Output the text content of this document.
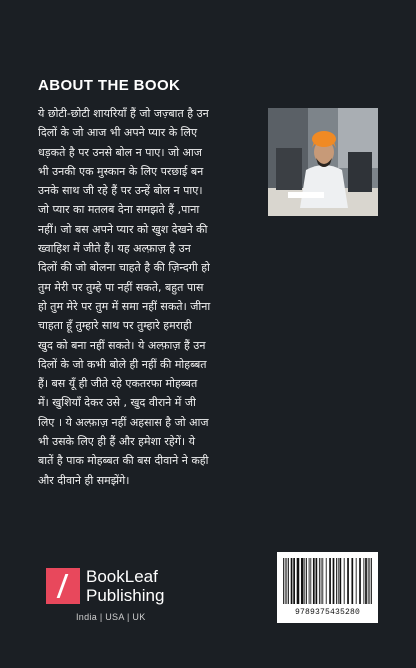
ABOUT THE BOOK
ये छोटी-छोटी शायरियाँ हैं जो जज़्बात है उन
दिलों के जो आज भी अपने प्यार के लिए
धड़कते है पर उनसे बोल न पाए। जो आज
भी उनकी एक मुस्कान के लिए परछाई बन
उनके साथ जी रहे हैं पर उन्हें बोल न पाए।
जो प्यार का मतलब देना समझते हैं ,पाना
नहीं। जो बस अपने प्यार को खुश देखने की
ख्वाहिश में जीते हैं। यह अल्फ़ाज़ है उन
दिलों की जो बोलना चाहते है की ज़िन्दगी हो
तुम मेरी पर तुम्हे पा नहीं सकते, बहुत पास
हो तुम मेरे पर तुम में समा नहीं सकते। जीना
चाहता हूँ तुम्हारे साथ पर तुम्हारे हमराही
खुद को बना नहीं सकते। ये अल्फ़ाज़ हैं उन
दिलों के जो कभी बोले ही नहीं की मोहब्बत
हैं। बस यूँ ही जीते रहे एकतरफा मोहब्बत
में। खुशियाँ देकर उसे , खुद वीराने में जी
लिए । ये अल्फ़ाज़ नहीं अहसास है जो आज
भी उसके लिए ही हैं और हमेशा रहेगें। ये
बातें है पाक मोहब्बत की बस दीवाने ने कही
और दीवाने ही समझेंगे।
BookLeaf
Publishing
India | USA | UK	9789375435280
